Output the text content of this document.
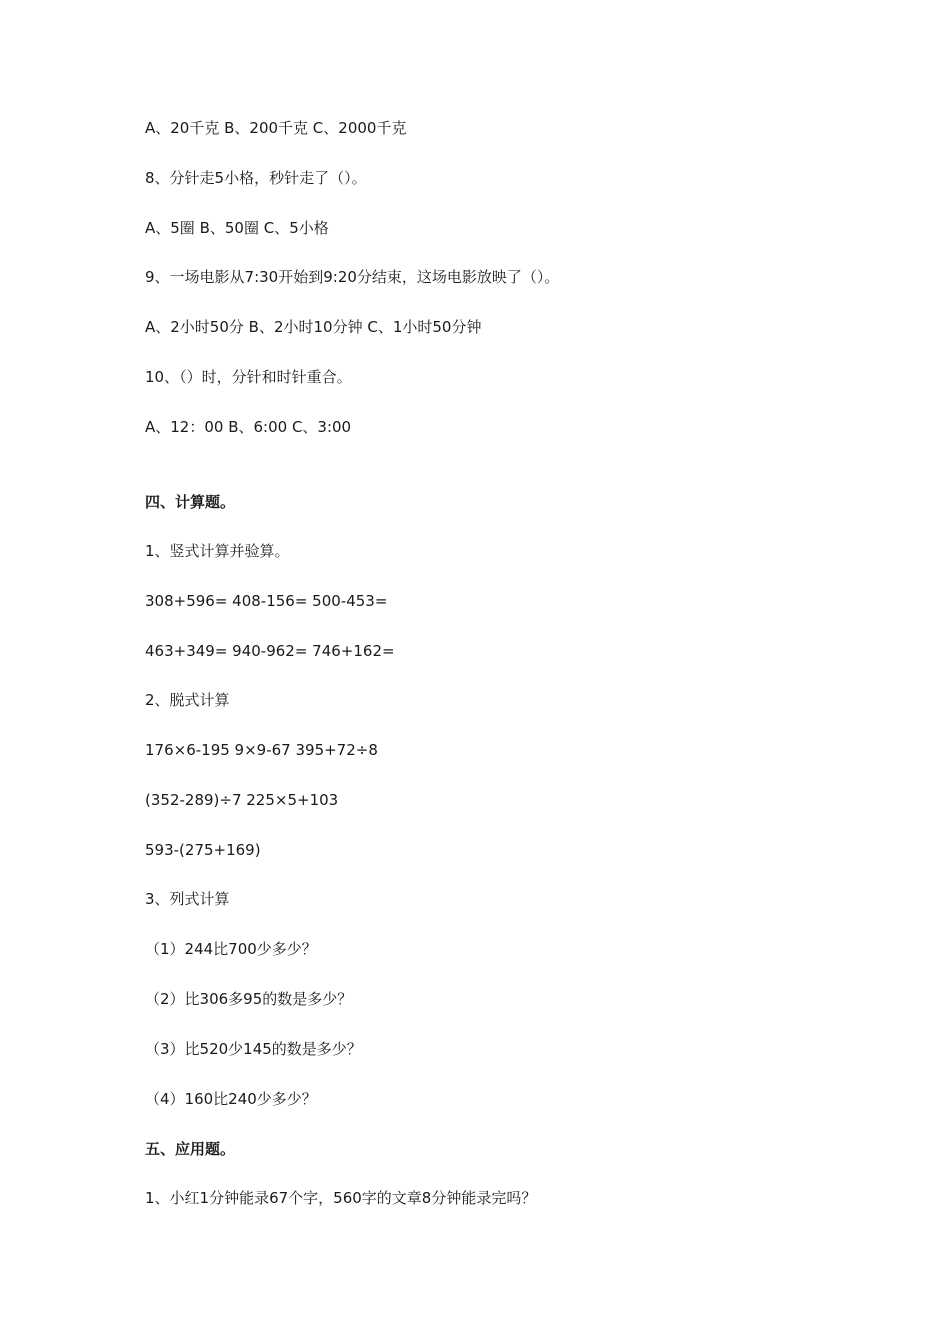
A、20千克 B、200千克 C、2000千克
8、分针走5小格，秒针走了（）。
A、5圈 B、50圈 C、5小格
9、一场电影从7:30开始到9:20分结束，这场电影放映了（）。
A、2小时50分 B、2小时10分钟 C、1小时50分钟
10、（）时，分针和时针重合。
A、12：00 B、6:00 C、3:00
四、计算题。
1、竖式计算并验算。
308+596= 408-156= 500-453=
463+349= 940-962= 746+162=
2、脱式计算
176×6-195 9×9-67 395+72÷8
(352-289)÷7 225×5+103
593-(275+169)
3、列式计算
（1）244比700少多少？
（2）比306多95的数是多少？
（3）比520少145的数是多少？
（4）160比240少多少？
五、应用题。
1、小红1分钟能录67个字，560字的文章8分钟能录完吗？
